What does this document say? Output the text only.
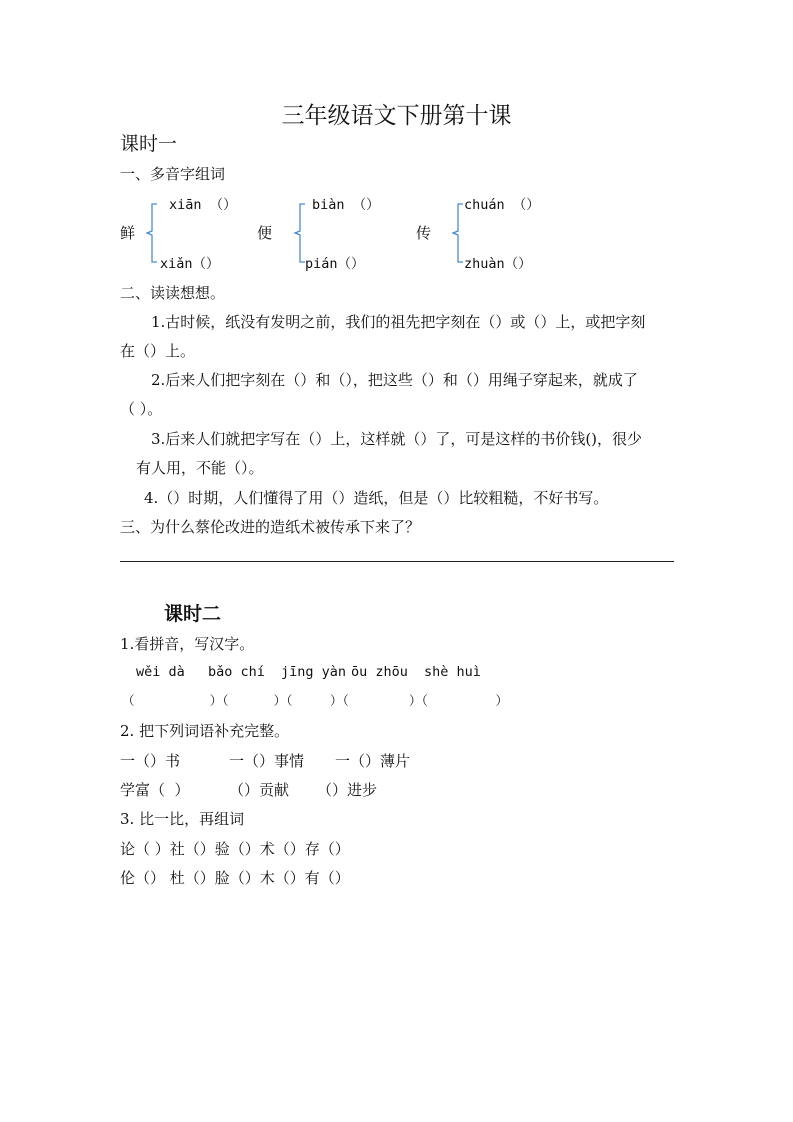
三年级语文下册第十课
课时一
一、多音字组词
鲜
xiān （）
xiǎn（）
便
biàn （）
pián（）
传
chuán （）
zhuàn（）
二、读读想想。
1.古时候，纸没有发明之前，我们的祖先把字刻在（）或（）上，或把字刻
在（）上。
2.后来人们把字刻在（）和（），把这些（）和（）用绳子穿起来，就成了
（ ）。
3.后来人们就把字写在（）上，这样就（）了，可是这样的书价钱()，很少
有人用，不能（）。
4.（）时期，人们懂得了用（）造纸，但是（）比较粗糙，不好书写。
三、为什么蔡伦改进的造纸术被传承下来了？
课时二
1.看拼音，写汉字。
wěi dà bǎo chí jīng yàn ōu zhōu shè huì
（          ）（      ）（     ）（        ）（         ）
2. 把下列词语补充完整。
一（）书	一（）事情 一（）薄片
学富（  ）	（）贡献 （）进步
3. 比一比，再组词
论（ ）社（）验（）术（）存（）
伦（） 杜（）脸（）木（）有（）
